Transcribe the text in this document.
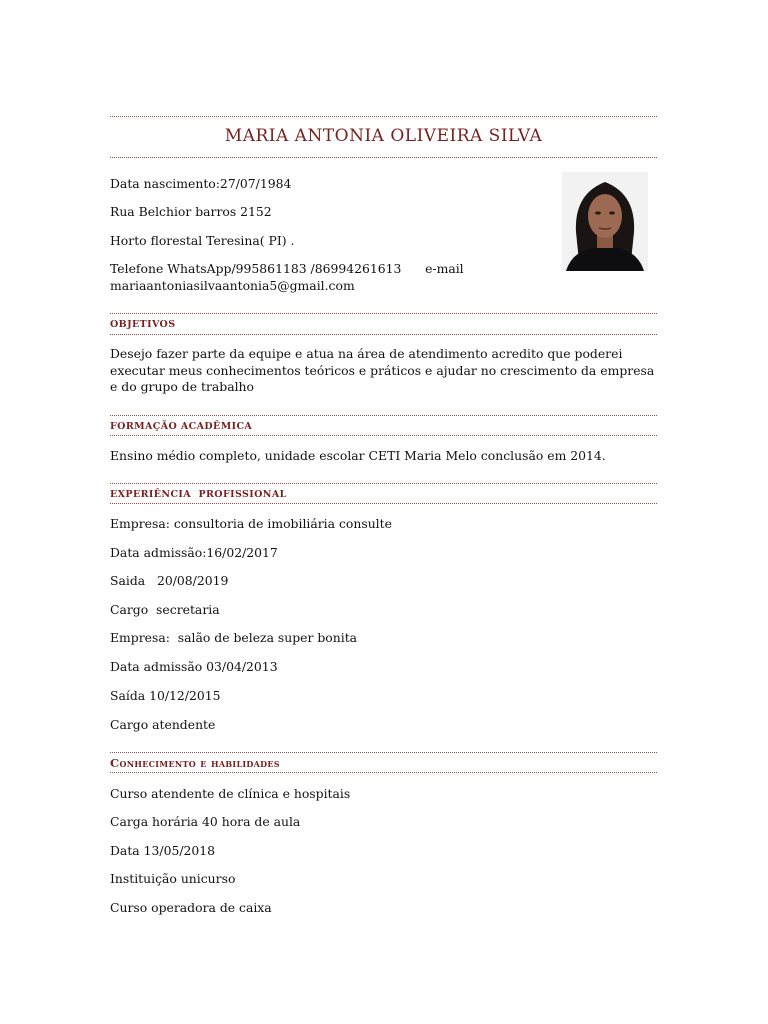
MARIA ANTONIA OLIVEIRA SILVA
Data nascimento:27/07/1984
Rua Belchior barros 2152
Horto florestal Teresina( PI) .
Telefone WhatsApp/995861183 /86994261613      e-mail
mariaantoniasilvaantonia5@gmail.com
OBJETIVOS
Desejo fazer parte da equipe e atua na área de atendimento acredito que poderei executar meus conhecimentos teóricos e práticos e ajudar no crescimento da empresa e do grupo de trabalho
FORMAÇÃO ACADÊMICA
Ensino médio completo, unidade escolar CETI Maria Melo conclusão em 2014.
EXPERIÊNCIA  PROFISSIONAL
Empresa: consultoria de imobiliária consulte
Data admissão:16/02/2017
Saida   20/08/2019
Cargo  secretaria
Empresa:  salão de beleza super bonita
Data admissão 03/04/2013
Saída 10/12/2015
Cargo atendente
Conhecimento e habilidades
Curso atendente de clínica e hospitais
Carga horária 40 hora de aula
Data 13/05/2018
Instituição unicurso
Curso operadora de caixa
